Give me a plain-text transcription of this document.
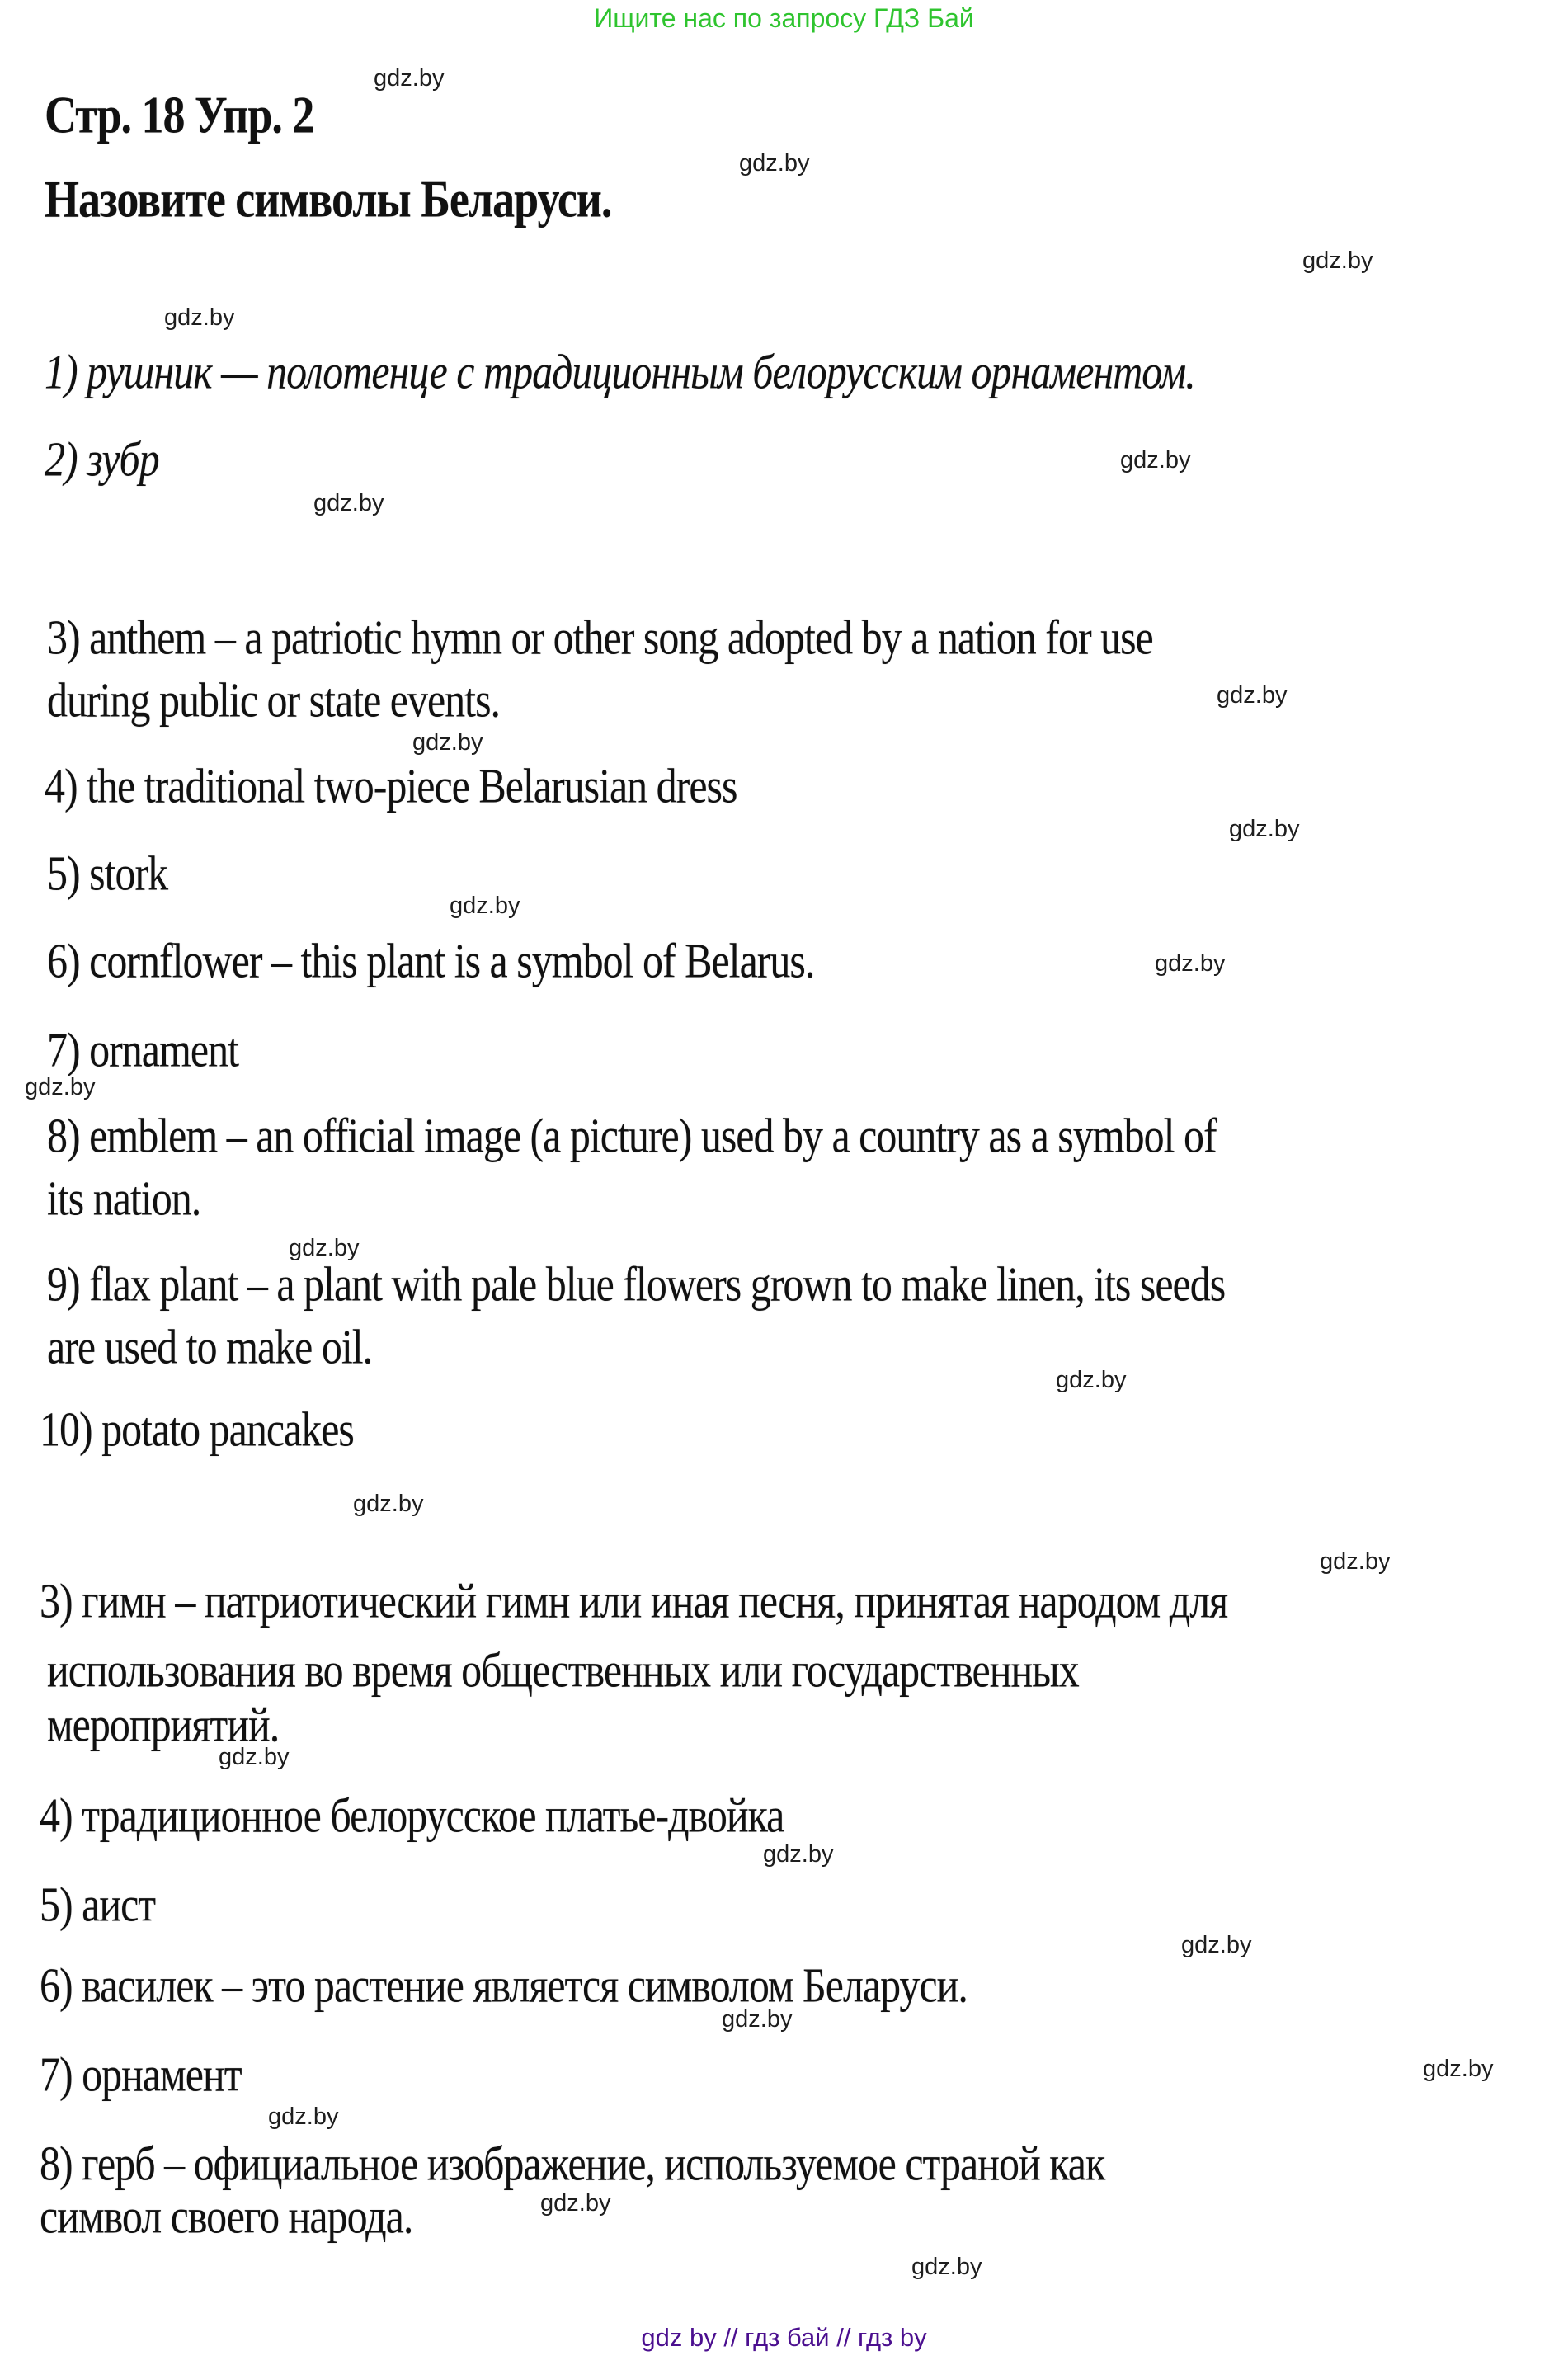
Ищите нас по запросу ГДЗ Бай
Стр. 18 Упр. 2
Назовите символы Беларуси.
1) рушник — полотенце с традиционным белорусским орнаментом.
2) зубр
3) anthem – a patriotic hymn or other song adopted by a nation for use
during public or state events.
4) the traditional two-piece Belarusian dress
5) stork
6) cornflower – this plant is a symbol of Belarus.
7) ornament
8) emblem – an official image (a picture) used by a country as a symbol of
its nation.
9) flax plant – a plant with pale blue flowers grown to make linen, its seeds
are used to make oil.
10) potato pancakes
3) гимн – патриотический гимн или иная песня, принятая народом для
использования во время общественных или государственных
мероприятий.
4) традиционное белорусское платье-двойка
5) аист
6) василек – это растение является символом Беларуси.
7) орнамент
8) герб – официальное изображение, используемое страной как
символ своего народа.
gdz.by
gdz.by
gdz.by
gdz.by
gdz.by
gdz.by
gdz.by
gdz.by
gdz.by
gdz.by
gdz.by
gdz.by
gdz.by
gdz.by
gdz.by
gdz.by
gdz.by
gdz.by
gdz.by
gdz.by
gdz.by
gdz.by
gdz.by
gdz.by
gdz by // гдз бай // гдз by
